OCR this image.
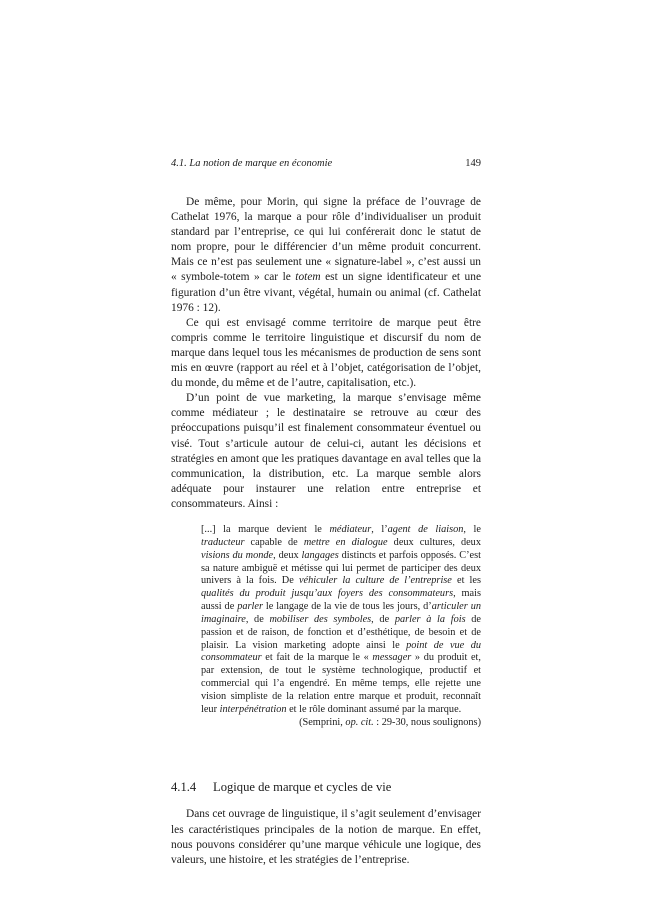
4.1. La notion de marque en économie	149

De même, pour Morin, qui signe la préface de l’ouvrage de Cathelat 1976, la marque a pour rôle d’individualiser un produit standard par l’entreprise, ce qui lui conférerait donc le statut de nom propre, pour le différencier d’un même produit concurrent. Mais ce n’est pas seulement une « signature-label », c’est aussi un « symbole-totem » car le totem est un signe identificateur et une figuration d’un être vivant, végétal, humain ou animal (cf. Cathelat 1976 : 12).

Ce qui est envisagé comme territoire de marque peut être compris comme le territoire linguistique et discursif du nom de marque dans lequel tous les mécanismes de production de sens sont mis en œuvre (rapport au réel et à l’objet, catégorisation de l’objet, du monde, du même et de l’autre, capitalisation, etc.).

D’un point de vue marketing, la marque s’envisage même comme médiateur ; le destinataire se retrouve au cœur des préoccupations puisqu’il est finalement consommateur éventuel ou visé. Tout s’articule autour de celui-ci, autant les décisions et stratégies en amont que les pratiques davantage en aval telles que la communication, la distribution, etc. La marque semble alors adéquate pour instaurer une relation entre entreprise et consommateurs. Ainsi :

[...] la marque devient le médiateur, l’agent de liaison, le traducteur capable de mettre en dialogue deux cultures, deux visions du monde, deux langages distincts et parfois opposés. C’est sa nature ambiguë et métisse qui lui permet de participer des deux univers à la fois. De véhiculer la culture de l’entreprise et les qualités du produit jusqu’aux foyers des consommateurs, mais aussi de parler le langage de la vie de tous les jours, d’articuler un imaginaire, de mobiliser des symboles, de parler à la fois de passion et de raison, de fonction et d’esthétique, de besoin et de plaisir. La vision marketing adopte ainsi le point de vue du consommateur et fait de la marque le « messager » du produit et, par extension, de tout le système technologique, productif et commercial qui l’a engendré. En même temps, elle rejette une vision simpliste de la relation entre marque et produit, reconnaît leur interpénétration et le rôle dominant assumé par la marque.

(Semprini, op. cit. : 29-30, nous soulignons)

4.1.4	Logique de marque et cycles de vie

Dans cet ouvrage de linguistique, il s’agit seulement d’envisager les caractéristiques principales de la notion de marque. En effet, nous pouvons considérer qu’une marque véhicule une logique, des valeurs, une histoire, et les stratégies de l’entreprise.
